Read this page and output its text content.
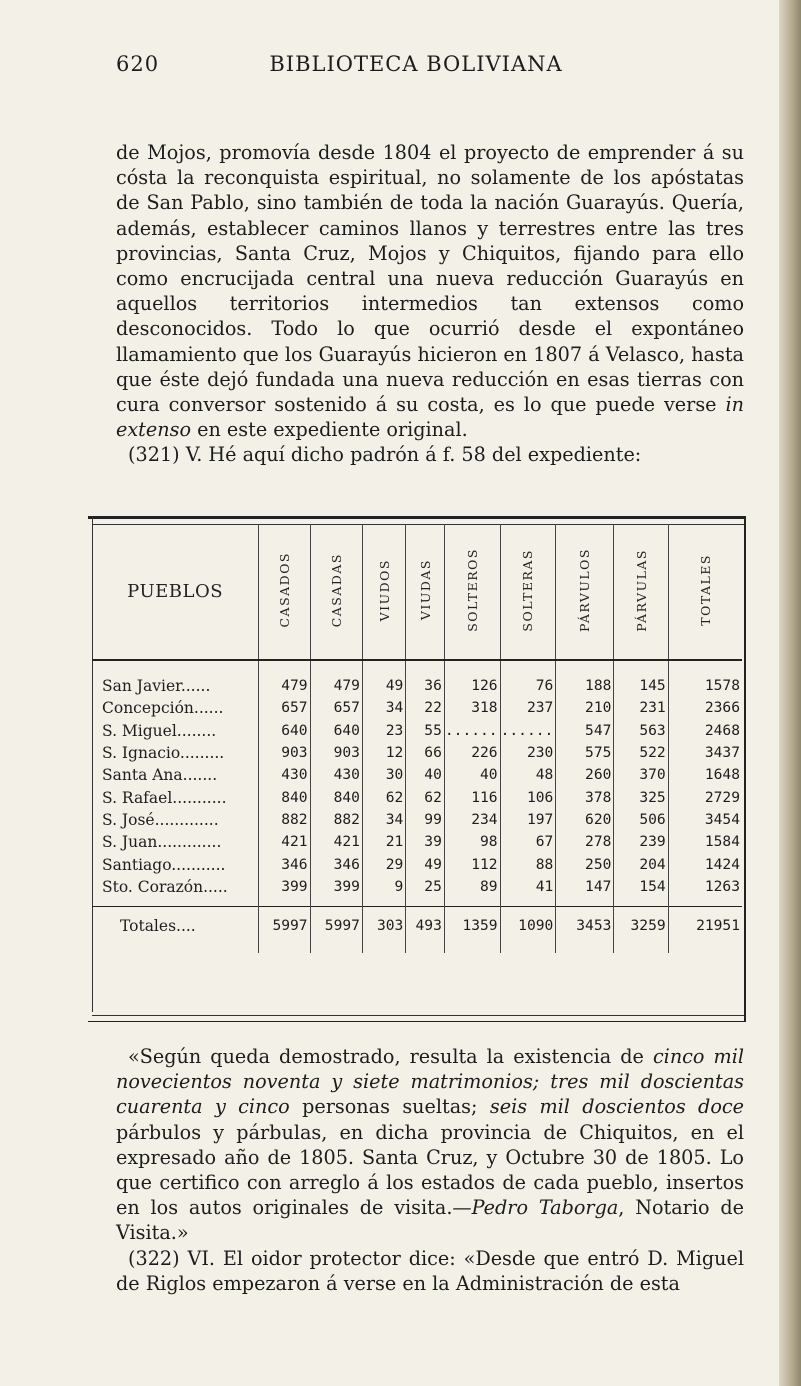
620	BIBLIOTECA BOLIVIANA

de Mojos, promovía desde 1804 el proyecto de emprender á su cósta la reconquista espiritual, no solamente de los apóstatas de San Pablo, sino también de toda la nación Guarayús. Quería, además, establecer caminos llanos y terrestres entre las tres provincias, Santa Cruz, Mojos y Chiquitos, fijando para ello como encrucijada central una nueva reducción Guarayús en aquellos territorios intermedios tan extensos como desconocidos. Todo lo que ocurrió desde el expontáneo llamamiento que los Guarayús hicieron en 1807 á Velasco, hasta que éste dejó fundada una nueva reducción en esas tierras con cura conversor sostenido á su costa, es lo que puede verse in extenso en este expediente original.

(321) V. Hé aquí dicho padrón á f. 58 del expediente:

PUEBLOS	CASADOS	CASADAS	VIUDOS	VIUDAS	SOLTEROS	SOLTERAS	PÁRVULOS	PÁRVULAS	TOTALES
San Javier......	479	479	49	36	126	76	188	145	1578
Concepción......	657	657	34	22	318	237	210	231	2366
S. Miguel........	640	640	23	55	......	......	547	563	2468
S. Ignacio.........	903	903	12	66	226	230	575	522	3437
Santa Ana.......	430	430	30	40	40	48	260	370	1648
S. Rafael...........	840	840	62	62	116	106	378	325	2729
S. José.............	882	882	34	99	234	197	620	506	3454
S. Juan.............	421	421	21	39	98	67	278	239	1584
Santiago...........	346	346	29	49	112	88	250	204	1424
Sto. Corazón.....	399	399	9	25	89	41	147	154	1263
Totales....	5997	5997	303	493	1359	1090	3453	3259	21951

«Según queda demostrado, resulta la existencia de cinco mil novecientos noventa y siete matrimonios; tres mil doscientas cuarenta y cinco personas sueltas; seis mil doscientos doce párbulos y párbulas, en dicha provincia de Chiquitos, en el expresado año de 1805. Santa Cruz, y Octubre 30 de 1805. Lo que certifico con arreglo á los estados de cada pueblo, insertos en los autos originales de visita.—Pedro Taborga, Notario de Visita.»

(322) VI. El oidor protector dice: «Desde que entró D. Miguel de Riglos empezaron á verse en la Administración de esta
